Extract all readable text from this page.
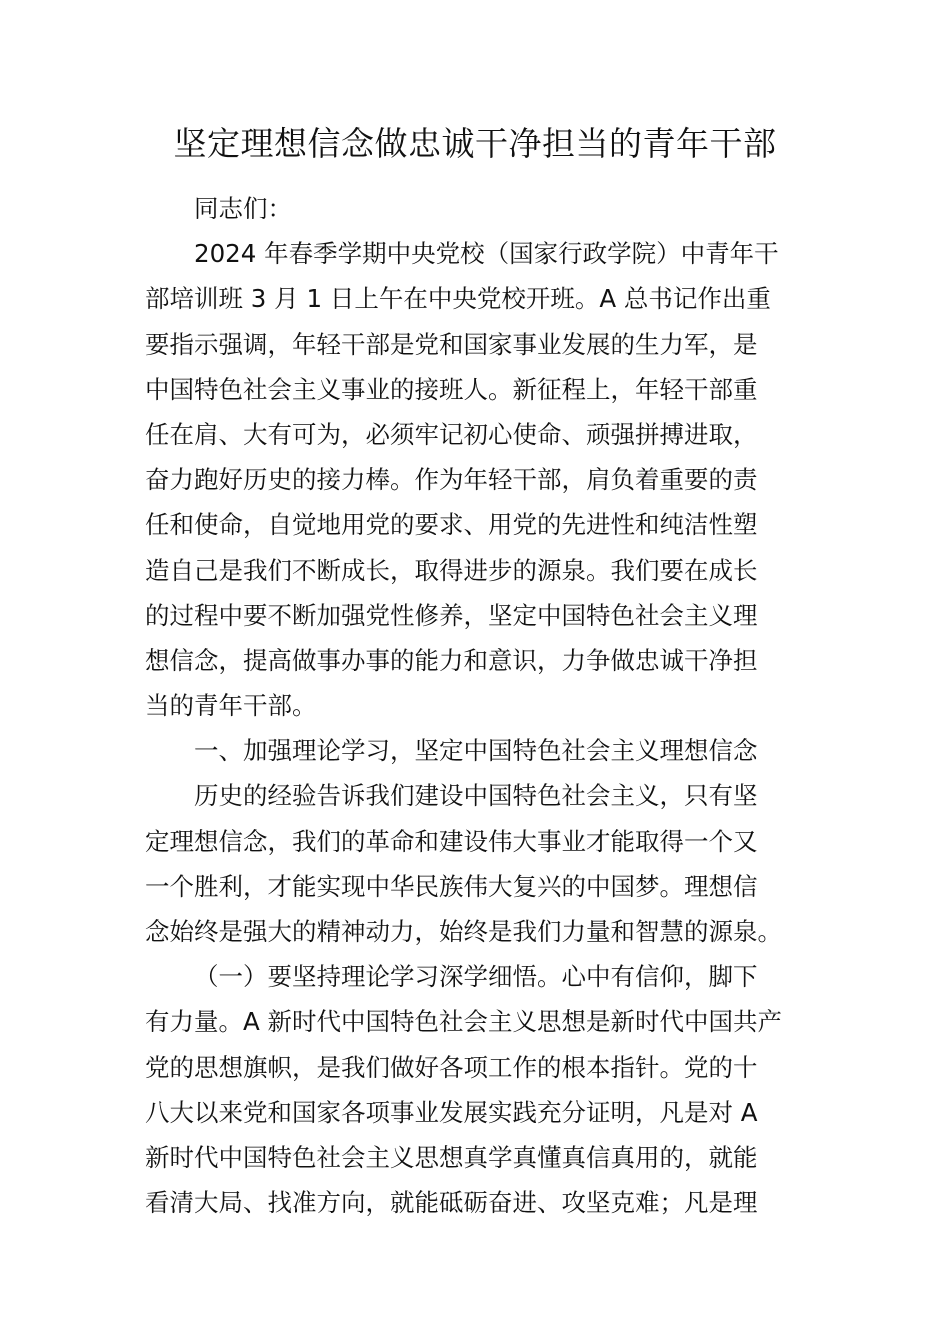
坚定理想信念做忠诚干净担当的青年干部
同志们：
2024 年春季学期中央党校（国家行政学院）中青年干
部培训班 3 月 1 日上午在中央党校开班。A 总书记作出重
要指示强调，年轻干部是党和国家事业发展的生力军，是
中国特色社会主义事业的接班人。新征程上，年轻干部重
任在肩、大有可为，必须牢记初心使命、顽强拼搏进取，
奋力跑好历史的接力棒。作为年轻干部，肩负着重要的责
任和使命，自觉地用党的要求、用党的先进性和纯洁性塑
造自己是我们不断成长，取得进步的源泉。我们要在成长
的过程中要不断加强党性修养，坚定中国特色社会主义理
想信念，提高做事办事的能力和意识，力争做忠诚干净担
当的青年干部。
一、加强理论学习，坚定中国特色社会主义理想信念
历史的经验告诉我们建设中国特色社会主义，只有坚
定理想信念，我们的革命和建设伟大事业才能取得一个又
一个胜利，才能实现中华民族伟大复兴的中国梦。理想信
念始终是强大的精神动力，始终是我们力量和智慧的源泉。
（一）要坚持理论学习深学细悟。心中有信仰，脚下
有力量。A 新时代中国特色社会主义思想是新时代中国共产
党的思想旗帜，是我们做好各项工作的根本指针。党的十
八大以来党和国家各项事业发展实践充分证明，凡是对 A
新时代中国特色社会主义思想真学真懂真信真用的，就能
看清大局、找准方向，就能砥砺奋进、攻坚克难；凡是理
